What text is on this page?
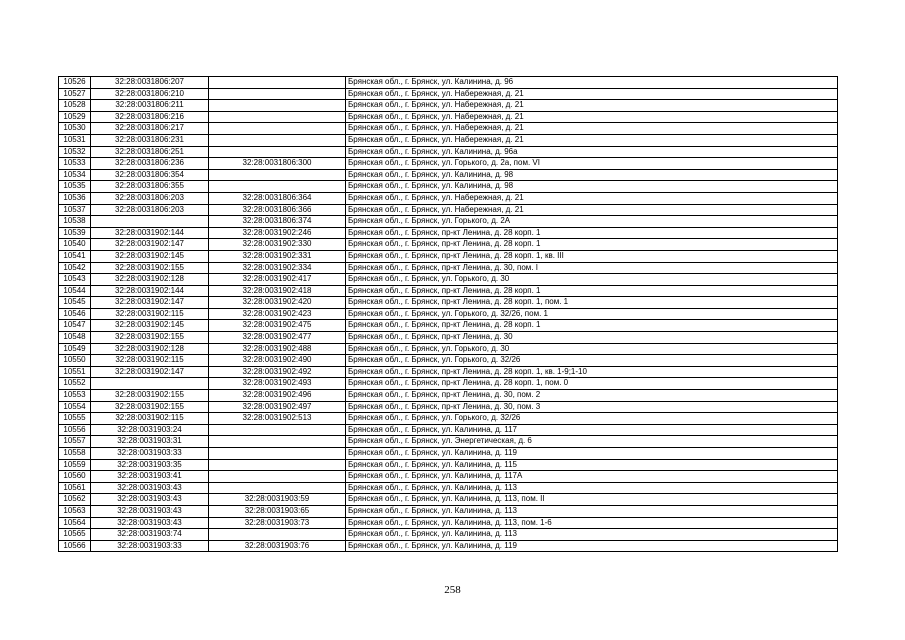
10526	32:28:0031806:207		Брянская обл., г. Брянск, ул. Калинина, д. 96
10527	32:28:0031806:210		Брянская обл., г. Брянск, ул. Набережная, д. 21
10528	32:28:0031806:211		Брянская обл., г. Брянск, ул. Набережная, д. 21
10529	32:28:0031806:216		Брянская обл., г. Брянск, ул. Набережная, д. 21
10530	32:28:0031806:217		Брянская обл., г. Брянск, ул. Набережная, д. 21
10531	32:28:0031806:231		Брянская обл., г. Брянск, ул. Набережная, д. 21
10532	32:28:0031806:251		Брянская обл., г. Брянск, ул. Калинина, д. 96а
10533	32:28:0031806:236	32:28:0031806:300	Брянская обл., г. Брянск, ул. Горького, д. 2а, пом. VI
10534	32:28:0031806:354		Брянская обл., г. Брянск, ул. Калинина, д. 98
10535	32:28:0031806:355		Брянская обл., г. Брянск, ул. Калинина, д. 98
10536	32:28:0031806:203	32:28:0031806:364	Брянская обл., г. Брянск, ул. Набережная, д. 21
10537	32:28:0031806:203	32:28:0031806:366	Брянская обл., г. Брянск, ул. Набережная, д. 21
10538		32:28:0031806:374	Брянская обл., г. Брянск, ул. Горького, д. 2А
10539	32:28:0031902:144	32:28:0031902:246	Брянская обл., г. Брянск, пр-кт Ленина, д. 28 корп. 1
10540	32:28:0031902:147	32:28:0031902:330	Брянская обл., г. Брянск, пр-кт Ленина, д. 28 корп. 1
10541	32:28:0031902:145	32:28:0031902:331	Брянская обл., г. Брянск, пр-кт Ленина, д. 28 корп. 1, кв. III
10542	32:28:0031902:155	32:28:0031902:334	Брянская обл., г. Брянск, пр-кт Ленина, д. 30, пом. I
10543	32:28:0031902:128	32:28:0031902:417	Брянская обл., г. Брянск, ул. Горького, д. 30
10544	32:28:0031902:144	32:28:0031902:418	Брянская обл., г. Брянск, пр-кт Ленина, д. 28 корп. 1
10545	32:28:0031902:147	32:28:0031902:420	Брянская обл., г. Брянск, пр-кт Ленина, д. 28 корп. 1, пом. 1
10546	32:28:0031902:115	32:28:0031902:423	Брянская обл., г. Брянск, ул. Горького, д. 32/26, пом. 1
10547	32:28:0031902:145	32:28:0031902:475	Брянская обл., г. Брянск, пр-кт Ленина, д. 28 корп. 1
10548	32:28:0031902:155	32:28:0031902:477	Брянская обл., г. Брянск, пр-кт Ленина, д. 30
10549	32:28:0031902:128	32:28:0031902:488	Брянская обл., г. Брянск, ул. Горького, д. 30
10550	32:28:0031902:115	32:28:0031902:490	Брянская обл., г. Брянск, ул. Горького, д. 32/26
10551	32:28:0031902:147	32:28:0031902:492	Брянская обл., г. Брянск, пр-кт Ленина, д. 28 корп. 1, кв. 1-9;1-10
10552		32:28:0031902:493	Брянская обл., г. Брянск, пр-кт Ленина, д. 28 корп. 1, пом. 0
10553	32:28:0031902:155	32:28:0031902:496	Брянская обл., г. Брянск, пр-кт Ленина, д. 30, пом. 2
10554	32:28:0031902:155	32:28:0031902:497	Брянская обл., г. Брянск, пр-кт Ленина, д. 30, пом. 3
10555	32:28:0031902:115	32:28:0031902:513	Брянская обл., г. Брянск, ул. Горького, д. 32/26
10556	32:28:0031903:24		Брянская обл., г. Брянск, ул. Калинина, д. 117
10557	32:28:0031903:31		Брянская обл., г. Брянск, ул. Энергетическая, д. 6
10558	32:28:0031903:33		Брянская обл., г. Брянск, ул. Калинина, д. 119
10559	32:28:0031903:35		Брянская обл., г. Брянск, ул. Калинина, д. 115
10560	32:28:0031903:41		Брянская обл., г. Брянск, ул. Калинина, д. 117А
10561	32:28:0031903:43		Брянская обл., г. Брянск, ул. Калинина, д. 113
10562	32:28:0031903:43	32:28:0031903:59	Брянская обл., г. Брянск, ул. Калинина, д. 113, пом. II
10563	32:28:0031903:43	32:28:0031903:65	Брянская обл., г. Брянск, ул. Калинина, д. 113
10564	32:28:0031903:43	32:28:0031903:73	Брянская обл., г. Брянск, ул. Калинина, д. 113, пом. 1-6
10565	32:28:0031903:74		Брянская обл., г. Брянск, ул. Калинина, д. 113
10566	32:28:0031903:33	32:28:0031903:76	Брянская обл., г. Брянск, ул. Калинина, д. 119
258
